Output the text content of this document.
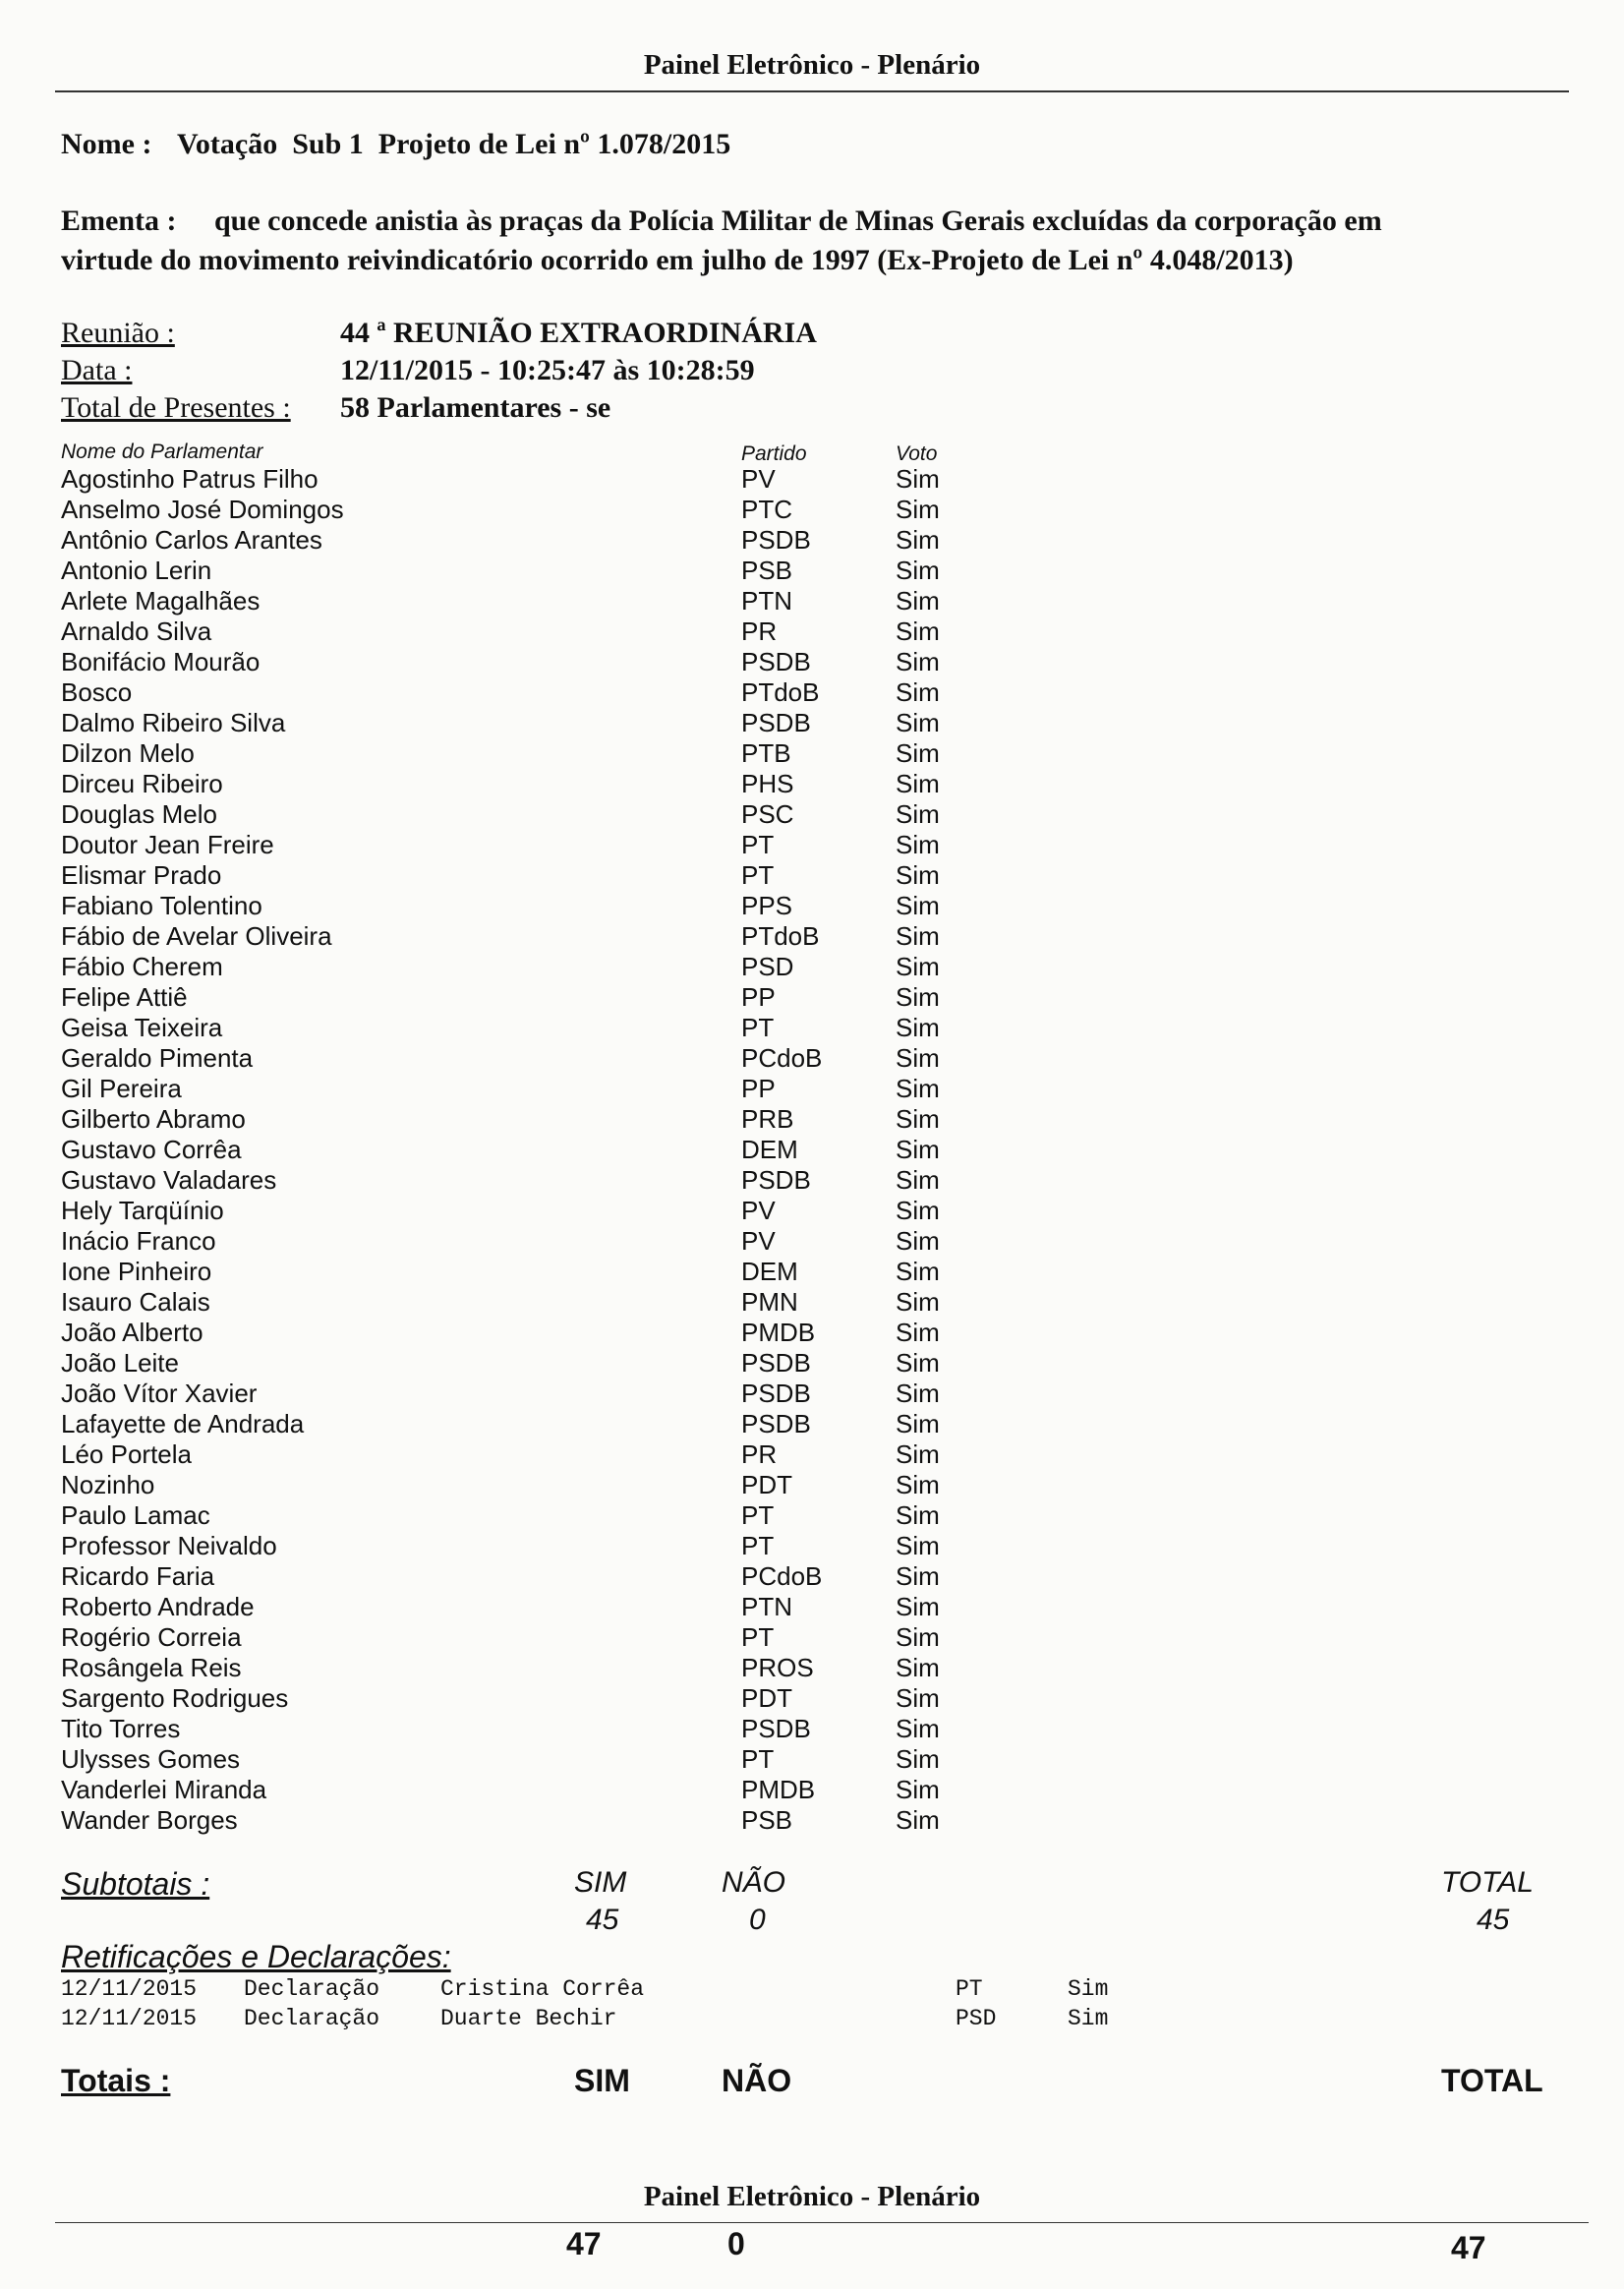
Painel Eletrônico - Plenário
Nome : Votação  Sub 1  Projeto de Lei nº 1.078/2015
Ementa : que concede anistia às praças da Polícia Militar de Minas Gerais excluídas da corporação em
virtude do movimento reivindicatório ocorrido em julho de 1997 (Ex-Projeto de Lei nº 4.048/2013)
Reunião :	44 ª REUNIÃO EXTRAORDINÁRIA
Data :	12/11/2015 - 10:25:47 às 10:28:59
Total de Presentes : 58 Parlamentares - se
Nome do Parlamentar	Partido	Voto
Agostinho Patrus Filho	PV	Sim
Anselmo José Domingos	PTC	Sim
Antônio Carlos Arantes	PSDB	Sim
Antonio Lerin	PSB	Sim
Arlete Magalhães	PTN	Sim
Arnaldo Silva	PR	Sim
Bonifácio Mourão	PSDB	Sim
Bosco	PTdoB	Sim
Dalmo Ribeiro Silva	PSDB	Sim
Dilzon Melo	PTB	Sim
Dirceu Ribeiro	PHS	Sim
Douglas Melo	PSC	Sim
Doutor Jean Freire	PT	Sim
Elismar Prado	PT	Sim
Fabiano Tolentino	PPS	Sim
Fábio de Avelar Oliveira	PTdoB	Sim
Fábio Cherem	PSD	Sim
Felipe Attiê	PP	Sim
Geisa Teixeira	PT	Sim
Geraldo Pimenta	PCdoB	Sim
Gil Pereira	PP	Sim
Gilberto Abramo	PRB	Sim
Gustavo Corrêa	DEM	Sim
Gustavo Valadares	PSDB	Sim
Hely Tarqüínio	PV	Sim
Inácio Franco	PV	Sim
Ione Pinheiro	DEM	Sim
Isauro Calais	PMN	Sim
João Alberto	PMDB	Sim
João Leite	PSDB	Sim
João Vítor Xavier	PSDB	Sim
Lafayette de Andrada	PSDB	Sim
Léo Portela	PR	Sim
Nozinho	PDT	Sim
Paulo Lamac	PT	Sim
Professor Neivaldo	PT	Sim
Ricardo Faria	PCdoB	Sim
Roberto Andrade	PTN	Sim
Rogério Correia	PT	Sim
Rosângela Reis	PROS	Sim
Sargento Rodrigues	PDT	Sim
Tito Torres	PSDB	Sim
Ulysses Gomes	PT	Sim
Vanderlei Miranda	PMDB	Sim
Wander Borges	PSB	Sim
Subtotais :	SIM	NÃO	TOTAL
45	0	45
Retificações e Declarações:
12/11/2015 Declaração	Cristina Corrêa	PT	Sim
12/11/2015 Declaração	Duarte Bechir	PSD	Sim
Totais :	SIM	NÃO	TOTAL
Painel Eletrônico - Plenário
47	0	47
